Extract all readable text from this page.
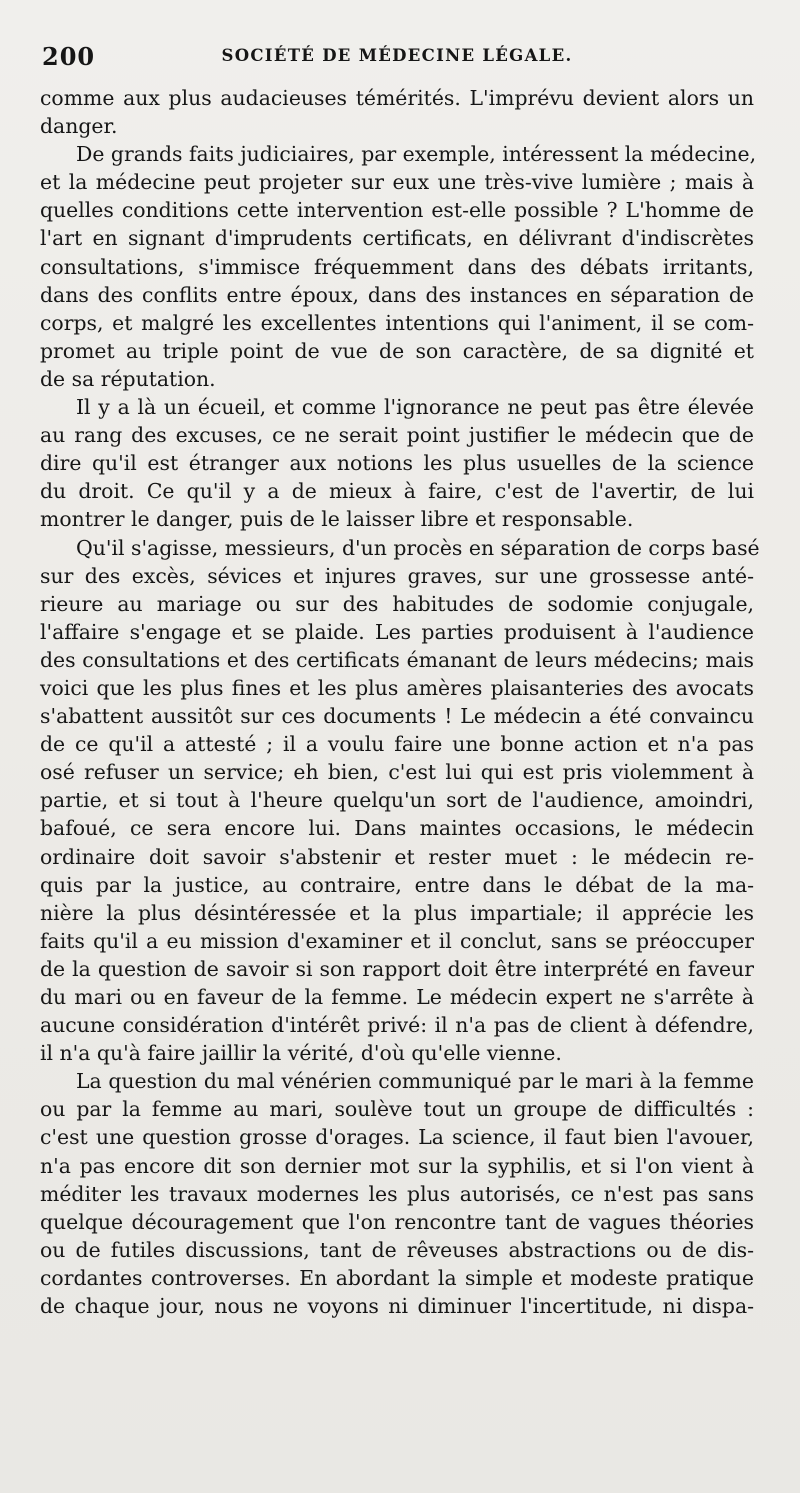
200	SOCIÉTÉ DE MÉDECINE LÉGALE.

comme aux plus audacieuses témérités. L'imprévu devient alors un
danger.

De grands faits judiciaires, par exemple, intéressent la médecine,
et la médecine peut projeter sur eux une très-vive lumière ; mais à
quelles conditions cette intervention est-elle possible ? L'homme de
l'art en signant d'imprudents certificats, en délivrant d'indiscrètes
consultations, s'immisce fréquemment dans des débats irritants,
dans des conflits entre époux, dans des instances en séparation de
corps, et malgré les excellentes intentions qui l'animent, il se com-
promet au triple point de vue de son caractère, de sa dignité et
de sa réputation.

Il y a là un écueil, et comme l'ignorance ne peut pas être élevée
au rang des excuses, ce ne serait point justifier le médecin que de
dire qu'il est étranger aux notions les plus usuelles de la science
du droit. Ce qu'il y a de mieux à faire, c'est de l'avertir, de lui
montrer le danger, puis de le laisser libre et responsable.

Qu'il s'agisse, messieurs, d'un procès en séparation de corps basé
sur des excès, sévices et injures graves, sur une grossesse anté-
rieure au mariage ou sur des habitudes de sodomie conjugale,
l'affaire s'engage et se plaide. Les parties produisent à l'audience
des consultations et des certificats émanant de leurs médecins; mais
voici que les plus fines et les plus amères plaisanteries des avocats
s'abattent aussitôt sur ces documents ! Le médecin a été convaincu
de ce qu'il a attesté ; il a voulu faire une bonne action et n'a pas
osé refuser un service; eh bien, c'est lui qui est pris violemment à
partie, et si tout à l'heure quelqu'un sort de l'audience, amoindri,
bafoué, ce sera encore lui. Dans maintes occasions, le médecin
ordinaire doit savoir s'abstenir et rester muet : le médecin re-
quis par la justice, au contraire, entre dans le débat de la ma-
nière la plus désintéressée et la plus impartiale; il apprécie les
faits qu'il a eu mission d'examiner et il conclut, sans se préoccuper
de la question de savoir si son rapport doit être interprété en faveur
du mari ou en faveur de la femme. Le médecin expert ne s'arrête à
aucune considération d'intérêt privé: il n'a pas de client à défendre,
il n'a qu'à faire jaillir la vérité, d'où qu'elle vienne.

La question du mal vénérien communiqué par le mari à la femme
ou par la femme au mari, soulève tout un groupe de difficultés :
c'est une question grosse d'orages. La science, il faut bien l'avouer,
n'a pas encore dit son dernier mot sur la syphilis, et si l'on vient à
méditer les travaux modernes les plus autorisés, ce n'est pas sans
quelque découragement que l'on rencontre tant de vagues théories
ou de futiles discussions, tant de rêveuses abstractions ou de dis-
cordantes controverses. En abordant la simple et modeste pratique
de chaque jour, nous ne voyons ni diminuer l'incertitude, ni dispa-
